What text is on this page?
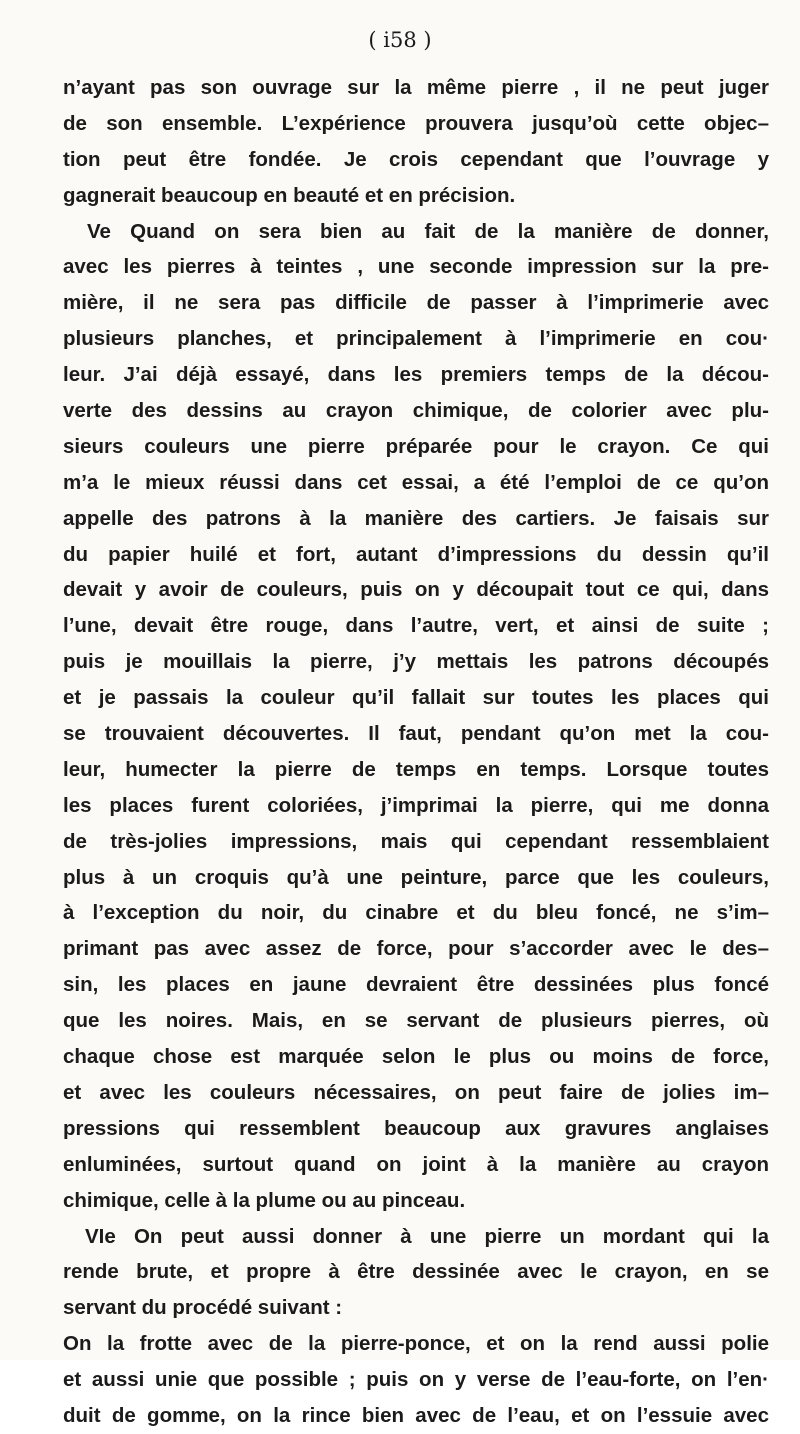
( i58 )
n’ayant pas son ouvrage sur la même pierre , il ne peut juger
de son ensemble. L’expérience prouvera jusqu’où cette objec–
tion peut être fondée. Je crois cependant que l’ouvrage y
gagnerait beaucoup en beauté et en précision.
Ve Quand on sera bien au fait de la manière de donner,
avec les pierres à teintes , une seconde impression sur la pre-
mière, il ne sera pas difficile de passer à l’imprimerie avec
plusieurs planches, et principalement à l’imprimerie en cou·
leur. J’ai déjà essayé, dans les premiers temps de la décou-
verte des dessins au crayon chimique, de colorier avec plu-
sieurs couleurs une pierre préparée pour le crayon. Ce qui
m’a le mieux réussi dans cet essai, a été l’emploi de ce qu’on
appelle des patrons à la manière des cartiers. Je faisais sur
du papier huilé et fort, autant d’impressions du dessin qu’il
devait y avoir de couleurs, puis on y découpait tout ce qui, dans
l’une, devait être rouge, dans l’autre, vert, et ainsi de suite ;
puis je mouillais la pierre, j’y mettais les patrons découpés
et je passais la couleur qu’il fallait sur toutes les places qui
se trouvaient découvertes. Il faut, pendant qu’on met la cou-
leur, humecter la pierre de temps en temps. Lorsque toutes
les places furent coloriées, j’imprimai la pierre, qui me donna
de très-jolies impressions, mais qui cependant ressemblaient
plus à un croquis qu’à une peinture, parce que les couleurs,
à l’exception du noir, du cinabre et du bleu foncé, ne s’im–
primant pas avec assez de force, pour s’accorder avec le des–
sin, les places en jaune devraient être dessinées plus foncé
que les noires. Mais, en se servant de plusieurs pierres, où
chaque chose est marquée selon le plus ou moins de force,
et avec les couleurs nécessaires, on peut faire de jolies im–
pressions qui ressemblent beaucoup aux gravures anglaises
enluminées, surtout quand on joint à la manière au crayon
chimique, celle à la plume ou au pinceau.
VIe On peut aussi donner à une pierre un mordant qui la
rende brute, et propre à être dessinée avec le crayon, en se
servant du procédé suivant :
On la frotte avec de la pierre-ponce, et on la rend aussi polie
et aussi unie que possible ; puis on y verse de l’eau-forte, on l’en·
duit de gomme, on la rince bien avec de l’eau, et on l’essuie avec
